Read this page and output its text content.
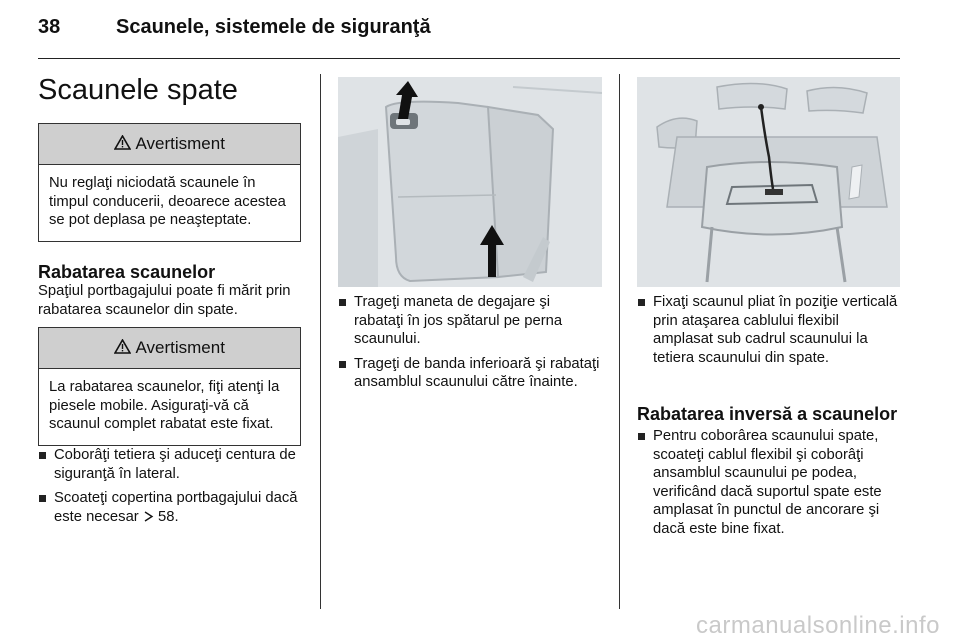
38	Scaunele, sistemele de siguranţă
Scaunele spate
Avertisment
Nu reglaţi niciodată scaunele în timpul conducerii, deoarece acestea se pot deplasa pe neaşteptate.
Rabatarea scaunelor
Spaţiul portbagajului poate fi mărit prin rabatarea scaunelor din spate.
Avertisment
La rabatarea scaunelor, fiţi atenţi la piesele mobile. Asiguraţi-vă că scaunul complet rabatat este fixat.
Coborâţi tetiera şi aduceţi centura de siguranţă în lateral.
Scoateţi copertina portbagajului dacă este necesar 58.
Trageţi maneta de degajare şi rabataţi în jos spătarul pe perna scaunului.
Trageţi de banda inferioară şi rabataţi ansamblul scaunului către înainte.
Fixaţi scaunul pliat în poziţie verticală prin ataşarea cablului flexibil amplasat sub cadrul scaunului la tetiera scaunului din spate.
Rabatarea inversă a scaunelor
Pentru coborârea scaunului spate, scoateţi cablul flexibil şi coborâţi ansamblul scaunului pe podea, verificând dacă suportul spate este amplasat în punctul de ancorare şi dacă este bine fixat.
carmanualsonline.info
